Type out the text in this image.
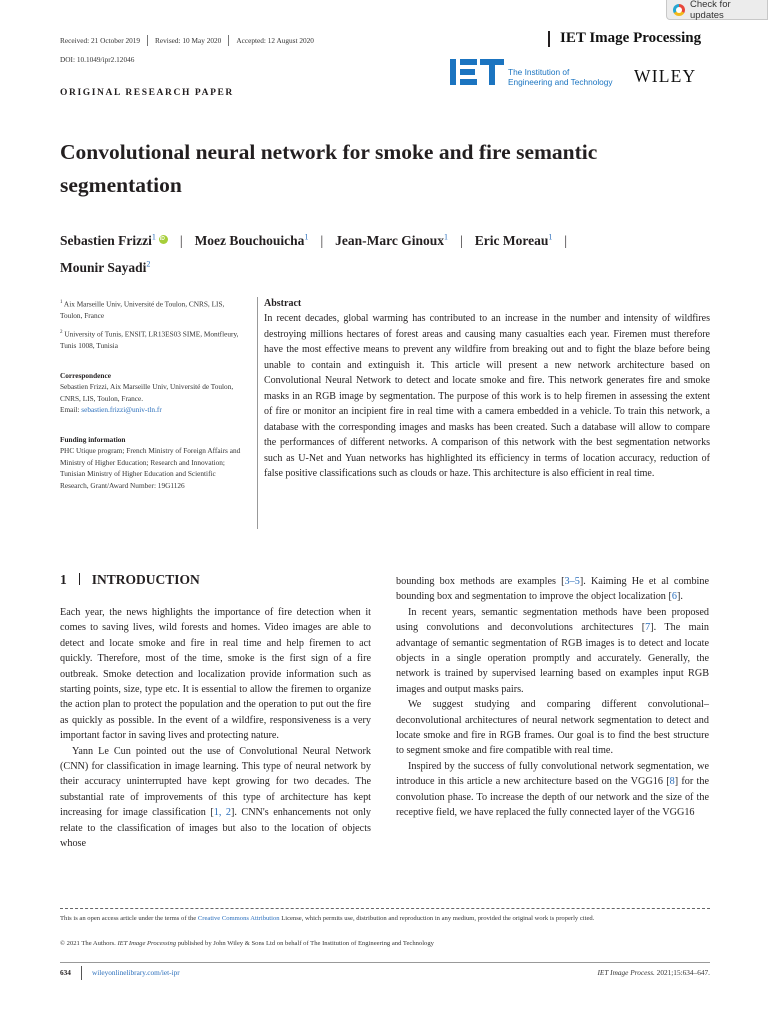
Check for updates
Received: 21 October 2019 Revised: 10 May 2020 Accepted: 12 August 2020	IET Image Processing
DOI: 10.1049/ipr2.12046
ORIGINAL RESEARCH PAPER
The Institution of
Engineering and Technology WILEY
Convolutional neural network for smoke and fire semantic segmentation
Sebastien Frizzi$^1$iD | Moez Bouchouicha$^1$ | Jean-Marc Ginoux$^1$ | Eric Moreau$^1$ |
Mounir Sayadi$^2$
$^1$ Aix Marseille Univ, Université de Toulon, CNRS, LIS, Toulon, France
$^2$ University of Tunis, ENSIT, LR13ES03 SIME, Montfleury, Tunis 1008, Tunisia
Correspondence
Sebastien Frizzi, Aix Marseille Univ, Université de Toulon, CNRS, LIS, Toulon, France.
Email: sebastien.frizzi@univ-tln.fr
Funding information
PHC Utique program; French Ministry of Foreign Affairs and Ministry of Higher Education; Research and Innovation; Tunisian Ministry of Higher Education and Scientific Research, Grant/Award Number: 19G1126
Abstract
In recent decades, global warming has contributed to an increase in the number and intensity of wildfires destroying millions hectares of forest areas and causing many casualties each year. Firemen must therefore have the most effective means to prevent any wildfire from breaking out and to fight the blaze before being unable to contain and extinguish it. This article will present a new network architecture based on Convolutional Neural Network to detect and locate smoke and fire. This network generates fire and smoke masks in an RGB image by segmentation. The purpose of this work is to help firemen in assessing the extent of fire or monitor an incipient fire in real time with a camera embedded in a vehicle. To train this network, a database with the corresponding images and masks has been created. Such a database will allow to compare the performances of different networks. A comparison of this network with the best segmentation networks such as U-Net and Yuan networks has highlighted its efficiency in terms of location accuracy, reduction of false positive classifications such as clouds or haze. This architecture is also efficient in real time.
1 INTRODUCTION

Each year, the news highlights the importance of fire detection when it comes to saving lives, wild forests and homes. Video images are able to detect and locate smoke and fire in real time and help firemen to act quickly. Therefore, most of the time, smoke is the first sign of a fire outbreak. Smoke detection and localization provide information such as starting points, size, type etc. It is essential to allow the firemen to organize the action plan to protect the population and the operation to put out the fire as quickly as possible. In the event of a wildfire, responsiveness is a very important factor in saving lives and protecting nature.

Yann Le Cun pointed out the use of Convolutional Neural Network (CNN) for classification in image learning. This type of neural network by their accuracy uninterrupted have kept growing for two decades. The substantial rate of improvements of this type of architecture has kept increasing for image classification [1, 2]. CNN's enhancements not only relate to the classification of images but also to the location of objects whose

bounding box methods are examples [3–5]. Kaiming He et al combine bounding box and segmentation to improve the object localization [6].

In recent years, semantic segmentation methods have been proposed using convolutions and deconvolutions architectures [7]. The main advantage of semantic segmentation of RGB images is to detect and locate objects in a single operation promptly and accurately. Generally, the network is trained by supervised learning based on examples input RGB images and output masks pairs.

We suggest studying and comparing different convolutional–deconvolutional architectures of neural network segmentation to detect and locate smoke and fire in RGB frames. Our goal is to find the best structure to segment smoke and fire compatible with real time.

Inspired by the success of fully convolutional network segmentation, we introduce in this article a new architecture based on the VGG16 [8] for the convolution phase. To increase the depth of our network and the size of the receptive field, we have replaced the fully connected layer of the VGG16

This is an open access article under the terms of the Creative Commons Attribution License, which permits use, distribution and reproduction in any medium, provided the original work is properly cited.
© 2021 The Authors. IET Image Processing published by John Wiley & Sons Ltd on behalf of The Institution of Engineering and Technology
634	wileyonlinelibrary.com/iet-ipr	IET Image Process. 2021;15:634–647.
